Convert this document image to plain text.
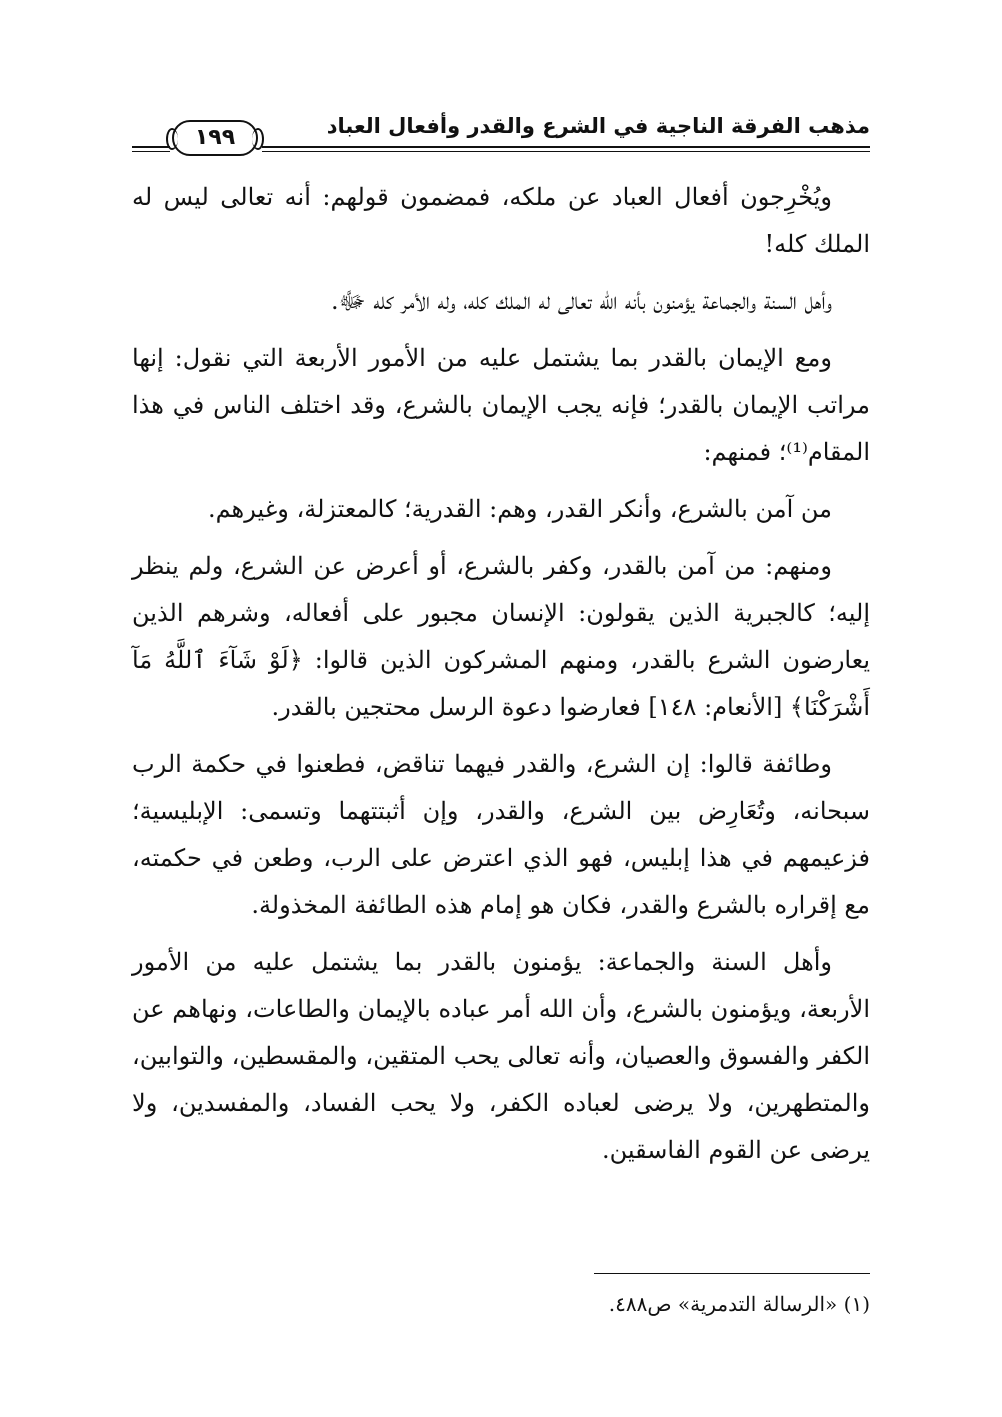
مذهب الفرقة الناجية في الشرع والقدر وأفعال العباد
١٩٩

ويُخْرِجون أفعال العباد عن ملكه، فمضمون قولهم: أنه تعالى ليس له الملك كله!

وأهل السنة والجماعة يؤمنون بأنه الله تعالى له الملك كله، وله الأمر كله ﷻ.

ومع الإيمان بالقدر بما يشتمل عليه من الأمور الأربعة التي نقول: إنها مراتب الإيمان بالقدر؛ فإنه يجب الإيمان بالشرع، وقد اختلف الناس في هذا المقام⁽¹⁾؛ فمنهم:

من آمن بالشرع، وأنكر القدر، وهم: القدرية؛ كالمعتزلة، وغيرهم.

ومنهم: من آمن بالقدر، وكفر بالشرع، أو أعرض عن الشرع، ولم ينظر إليه؛ كالجبرية الذين يقولون: الإنسان مجبور على أفعاله، وشرهم الذين يعارضون الشرع بالقدر، ومنهم المشركون الذين قالوا: ﴿لَوْ شَآءَ ٱللَّهُ مَآ أَشْرَكْنَا﴾ [الأنعام: ١٤٨] فعارضوا دعوة الرسل محتجين بالقدر.

وطائفة قالوا: إن الشرع، والقدر فيهما تناقض، فطعنوا في حكمة الرب سبحانه، وتُعَارِض بين الشرع، والقدر، وإن أثبتتهما وتسمى: الإبليسية؛ فزعيمهم في هذا إبليس، فهو الذي اعترض على الرب، وطعن في حكمته، مع إقراره بالشرع والقدر، فكان هو إمام هذه الطائفة المخذولة.

وأهل السنة والجماعة: يؤمنون بالقدر بما يشتمل عليه من الأمور الأربعة، ويؤمنون بالشرع، وأن الله أمر عباده بالإيمان والطاعات، ونهاهم عن الكفر والفسوق والعصيان، وأنه تعالى يحب المتقين، والمقسطين، والتوابين، والمتطهرين، ولا يرضى لعباده الكفر، ولا يحب الفساد، والمفسدين، ولا يرضى عن القوم الفاسقين.

(١) «الرسالة التدمرية» ص٤٨٨.
